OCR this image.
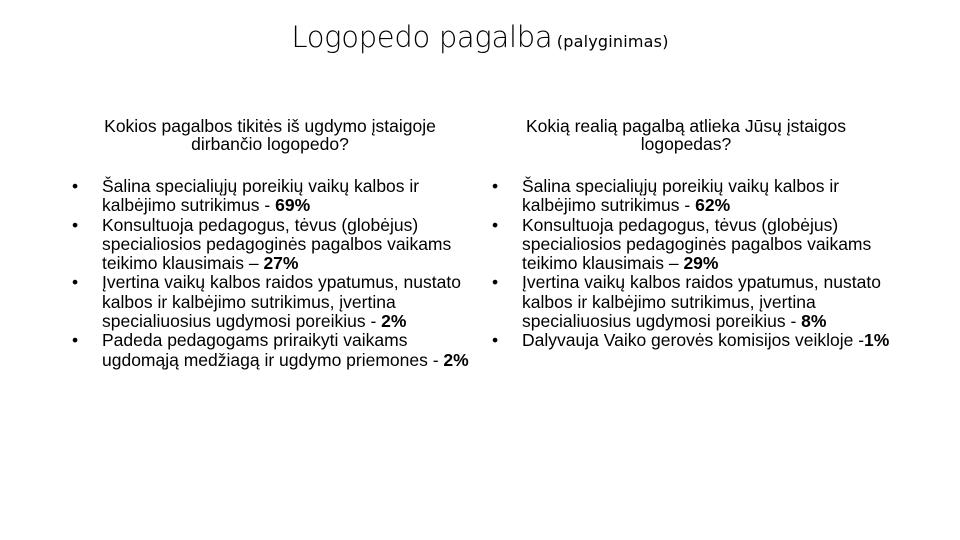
Logopedo pagalba (palyginimas)
Kokios pagalbos tikitės iš ugdymo įstaigoje dirbančio logopedo?
•	Šalina specialiųjų poreikių vaikų kalbos ir kalbėjimo sutrikimus - 69%
•	Konsultuoja pedagogus, tėvus (globėjus) specialiosios pedagoginės pagalbos vaikams teikimo klausimais – 27%
•	Įvertina vaikų kalbos raidos ypatumus, nustato kalbos ir kalbėjimo sutrikimus, įvertina specialiuosius ugdymosi poreikius - 2%
•	Padeda pedagogams priraikyti vaikams ugdomąją medžiagą ir ugdymo priemones - 2%
Kokią realią pagalbą atlieka Jūsų įstaigos logopedas?
•	Šalina specialiųjų poreikių vaikų kalbos ir kalbėjimo sutrikimus - 62%
•	Konsultuoja pedagogus, tėvus (globėjus) specialiosios pedagoginės pagalbos vaikams teikimo klausimais – 29%
•	Įvertina vaikų kalbos raidos ypatumus, nustato kalbos ir kalbėjimo sutrikimus, įvertina specialiuosius ugdymosi poreikius - 8%
•	Dalyvauja Vaiko gerovės komisijos veikloje -1%
